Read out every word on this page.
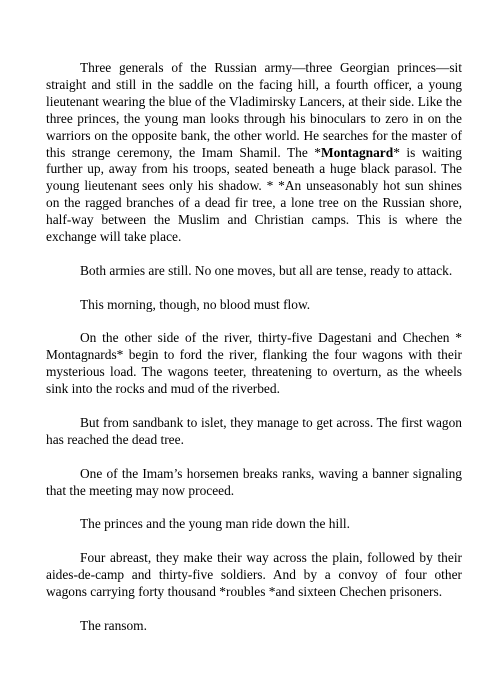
Three generals of the Russian army—three Georgian princes—sit straight and still in the saddle on the facing hill, a fourth officer, a young lieutenant wearing the blue of the Vladimirsky Lancers, at their side. Like the three princes, the young man looks through his binoculars to zero in on the warriors on the opposite bank, the other world. He searches for the master of this strange ceremony, the Imam Shamil. The *Montagnard* is waiting further up, away from his troops, seated beneath a huge black parasol. The young lieutenant sees only his shadow. * *An unseasonably hot sun shines on the ragged branches of a dead fir tree, a lone tree on the Russian shore, half-way between the Muslim and Christian camps. This is where the exchange will take place.

Both armies are still. No one moves, but all are tense, ready to attack.

This morning, though, no blood must flow.

On the other side of the river, thirty-five Dagestani and Chechen * Montagnards* begin to ford the river, flanking the four wagons with their mysterious load. The wagons teeter, threatening to overturn, as the wheels sink into the rocks and mud of the riverbed.

But from sandbank to islet, they manage to get across. The first wagon has reached the dead tree.

One of the Imam’s horsemen breaks ranks, waving a banner signaling that the meeting may now proceed.

The princes and the young man ride down the hill.

Four abreast, they make their way across the plain, followed by their aides-de-camp and thirty-five soldiers. And by a convoy of four other wagons carrying forty thousand *roubles *and sixteen Chechen prisoners.

The ransom.
